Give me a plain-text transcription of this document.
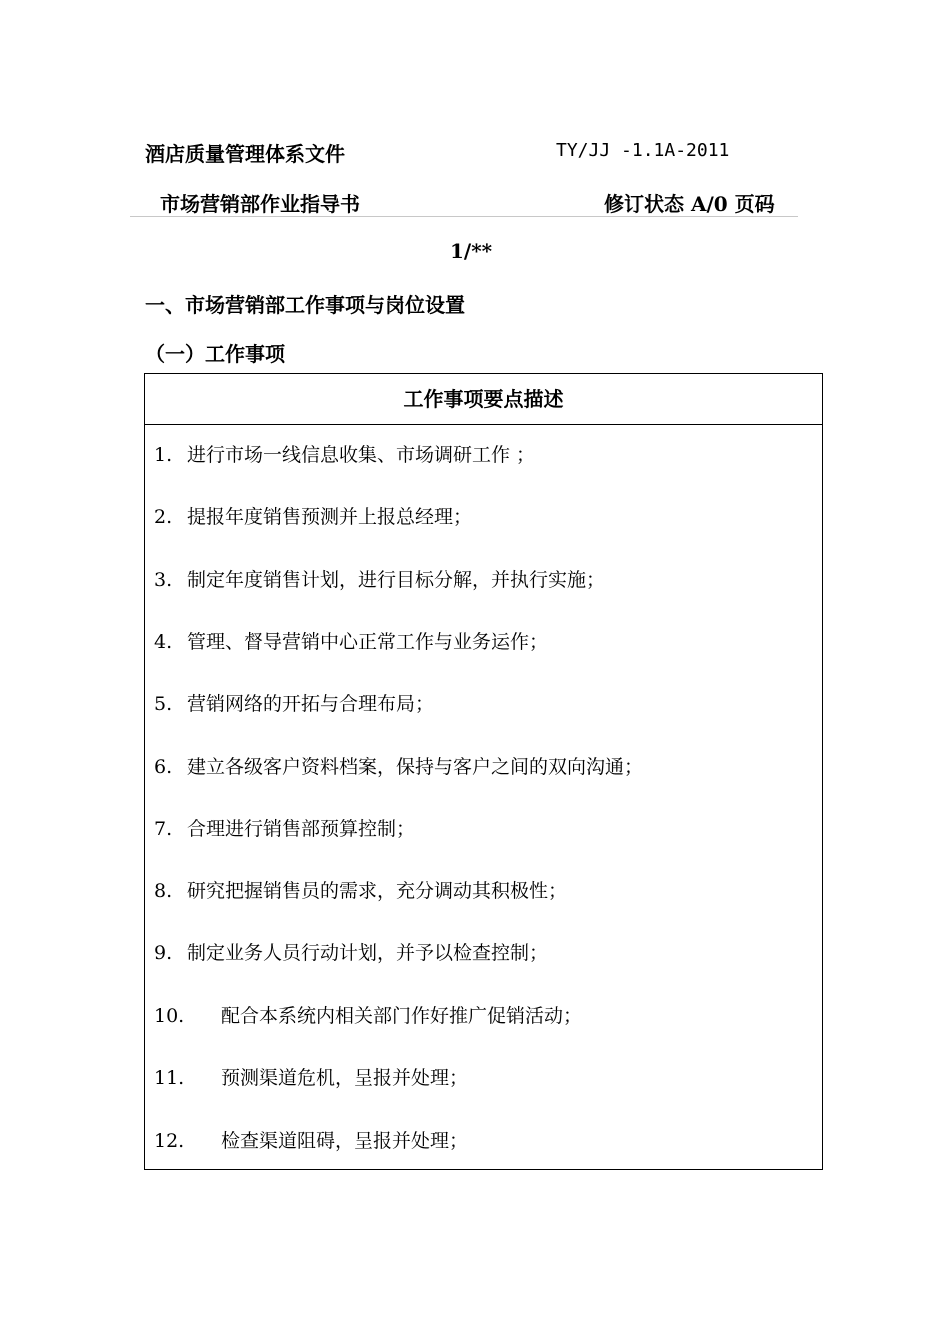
酒店质量管理体系文件	TY/JJ -1.1A-2011
市场营销部作业指导书	修订状态 A/0 页码
1/**
一、市场营销部工作事项与岗位设置
（一）工作事项
工作事项要点描述
1. 进行市场一线信息收集、市场调研工作 ；
2. 提报年度销售预测并上报总经理；
3. 制定年度销售计划，进行目标分解，并执行实施；
4. 管理、督导营销中心正常工作与业务运作；
5. 营销网络的开拓与合理布局；
6. 建立各级客户资料档案，保持与客户之间的双向沟通；
7. 合理进行销售部预算控制；
8. 研究把握销售员的需求，充分调动其积极性；
9. 制定业务人员行动计划，并予以检查控制；
10. 配合本系统内相关部门作好推广促销活动；
11. 预测渠道危机，呈报并处理；
12. 检查渠道阻碍，呈报并处理；
